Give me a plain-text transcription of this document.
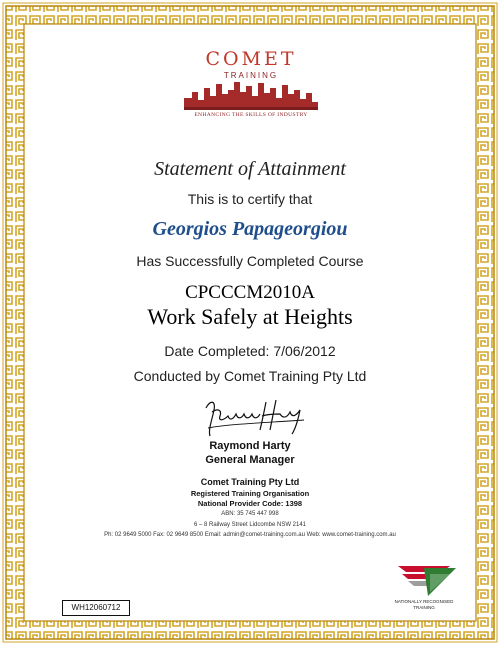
COMET
TRAINING
ENHANCING THE SKILLS OF INDUSTRY
Statement of Attainment
This is to certify that
Georgios Papageorgiou
Has Successfully Completed Course
CPCCCM2010A
Work Safely at Heights
Date Completed: 7/06/2012
Conducted by Comet Training Pty Ltd
Raymond Harty
General Manager
Comet Training Pty Ltd
Registered Training Organisation
National Provider Code: 1398
ABN: 35 745 447 998
6 – 8 Railway Street Lidcombe NSW 2141
Ph: 02 9649 5000 Fax: 02 9649 8500 Email: admin@comet-training.com.au Web: www.comet-training.com.au
NATIONALLY RECOGNISED
TRAINING
WH12060712
